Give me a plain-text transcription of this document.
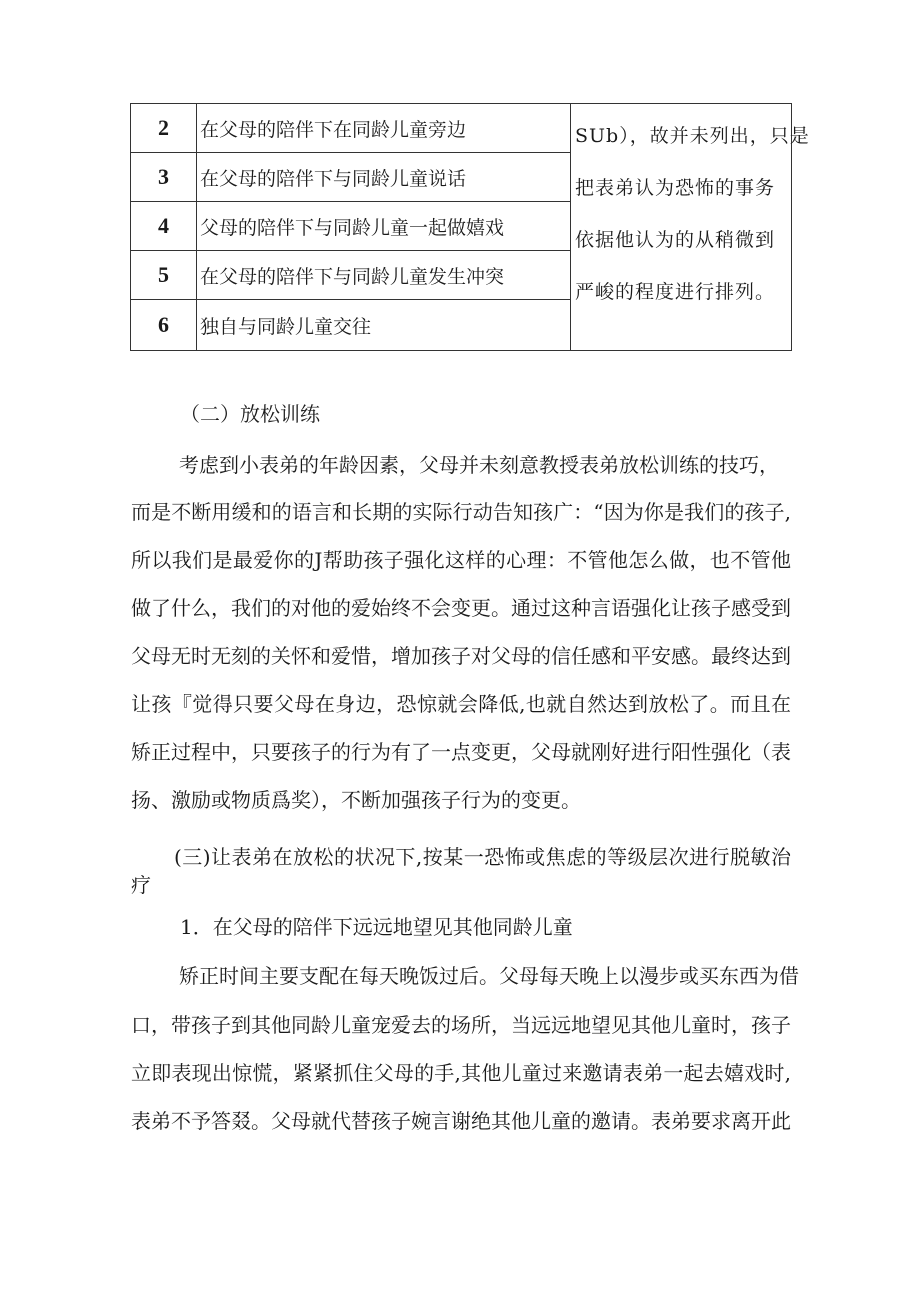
2	在父母的陪伴下在同龄儿童旁边	SUb），故并未列出，只是
把表弟认为恐怖的事务
依据他认为的从稍微到
严峻的程度进行排列。

3	在父母的陪伴下与同龄儿童说话	
4	父母的陪伴下与同龄儿童一起做嬉戏	
5	在父母的陪伴下与同龄儿童发生冲突	
6	独自与同龄儿童交往	
（二）放松训练
考虑到小表弟的年龄因素，父母并未刻意教授表弟放松训练的技巧，
而是不断用缓和的语言和长期的实际行动告知孩广：“因为你是我们的孩子,
所以我们是最爱你的J帮助孩子强化这样的心理：不管他怎么做，也不管他
做了什么，我们的对他的爱始终不会变更。通过这种言语强化让孩子感受到
父母无时无刻的关怀和爱惜，增加孩子对父母的信任感和平安感。最终达到
让孩『觉得只要父母在身边，恐惊就会降低,也就自然达到放松了。而且在
矫正过程中，只要孩子的行为有了一点变更，父母就刚好进行阳性强化（表
扬、激励或物质爲奖），不断加强孩子行为的变更。
(三)让表弟在放松的状况下,按某一恐怖或焦虑的等级层次进行脱敏治
疗
1．在父母的陪伴下远远地望见其他同龄儿童
矫正时间主要支配在每天晚饭过后。父母每天晚上以漫步或买东西为借
口，带孩子到其他同龄儿童宠爱去的场所，当远远地望见其他儿童时，孩子
立即表现出惊慌，紧紧抓住父母的手,其他儿童过来邀请表弟一起去嬉戏时,
表弟不予答叕。父母就代替孩子婉言谢绝其他儿童的邀请。表弟要求离开此
